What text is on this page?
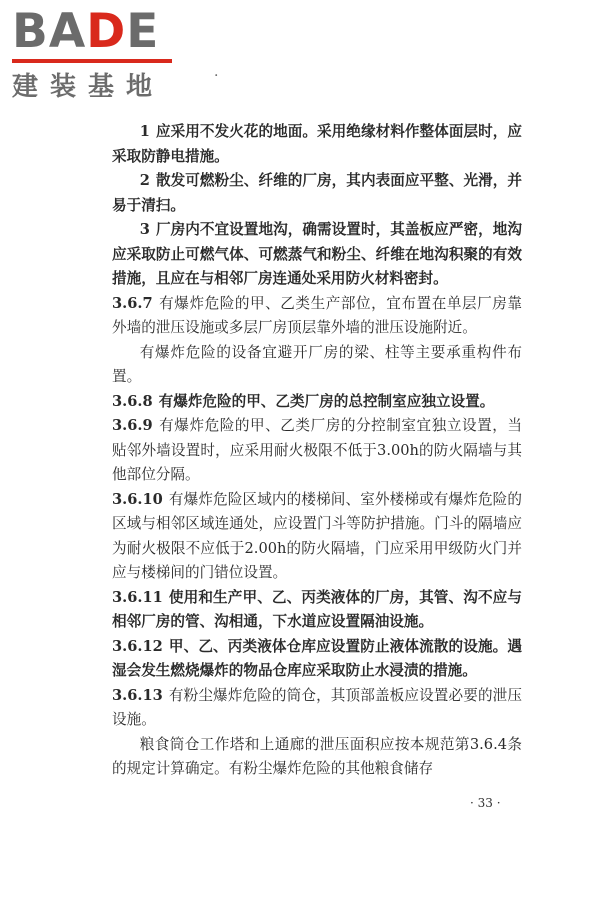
BADE
建装基地	·

1 应采用不发火花的地面。采用绝缘材料作整体面层时，应采取防静电措施。

2 散发可燃粉尘、纤维的厂房，其内表面应平整、光滑，并易于清扫。

3 厂房内不宜设置地沟，确需设置时，其盖板应严密，地沟应采取防止可燃气体、可燃蒸气和粉尘、纤维在地沟积聚的有效措施，且应在与相邻厂房连通处采用防火材料密封。

3.6.7 有爆炸危险的甲、乙类生产部位，宜布置在单层厂房靠外墙的泄压设施或多层厂房顶层靠外墙的泄压设施附近。

有爆炸危险的设备宜避开厂房的梁、柱等主要承重构件布置。

3.6.8 有爆炸危险的甲、乙类厂房的总控制室应独立设置。

3.6.9 有爆炸危险的甲、乙类厂房的分控制室宜独立设置，当贴邻外墙设置时，应采用耐火极限不低于3.00h的防火隔墙与其他部位分隔。

3.6.10 有爆炸危险区域内的楼梯间、室外楼梯或有爆炸危险的区域与相邻区域连通处，应设置门斗等防护措施。门斗的隔墙应为耐火极限不应低于2.00h的防火隔墙，门应采用甲级防火门并应与楼梯间的门错位设置。

3.6.11 使用和生产甲、乙、丙类液体的厂房，其管、沟不应与相邻厂房的管、沟相通，下水道应设置隔油设施。

3.6.12 甲、乙、丙类液体仓库应设置防止液体流散的设施。遇湿会发生燃烧爆炸的物品仓库应采取防止水浸渍的措施。

3.6.13 有粉尘爆炸危险的筒仓，其顶部盖板应设置必要的泄压设施。

粮食筒仓工作塔和上通廊的泄压面积应按本规范第3.6.4条的规定计算确定。有粉尘爆炸危险的其他粮食储存

· 33 ·
